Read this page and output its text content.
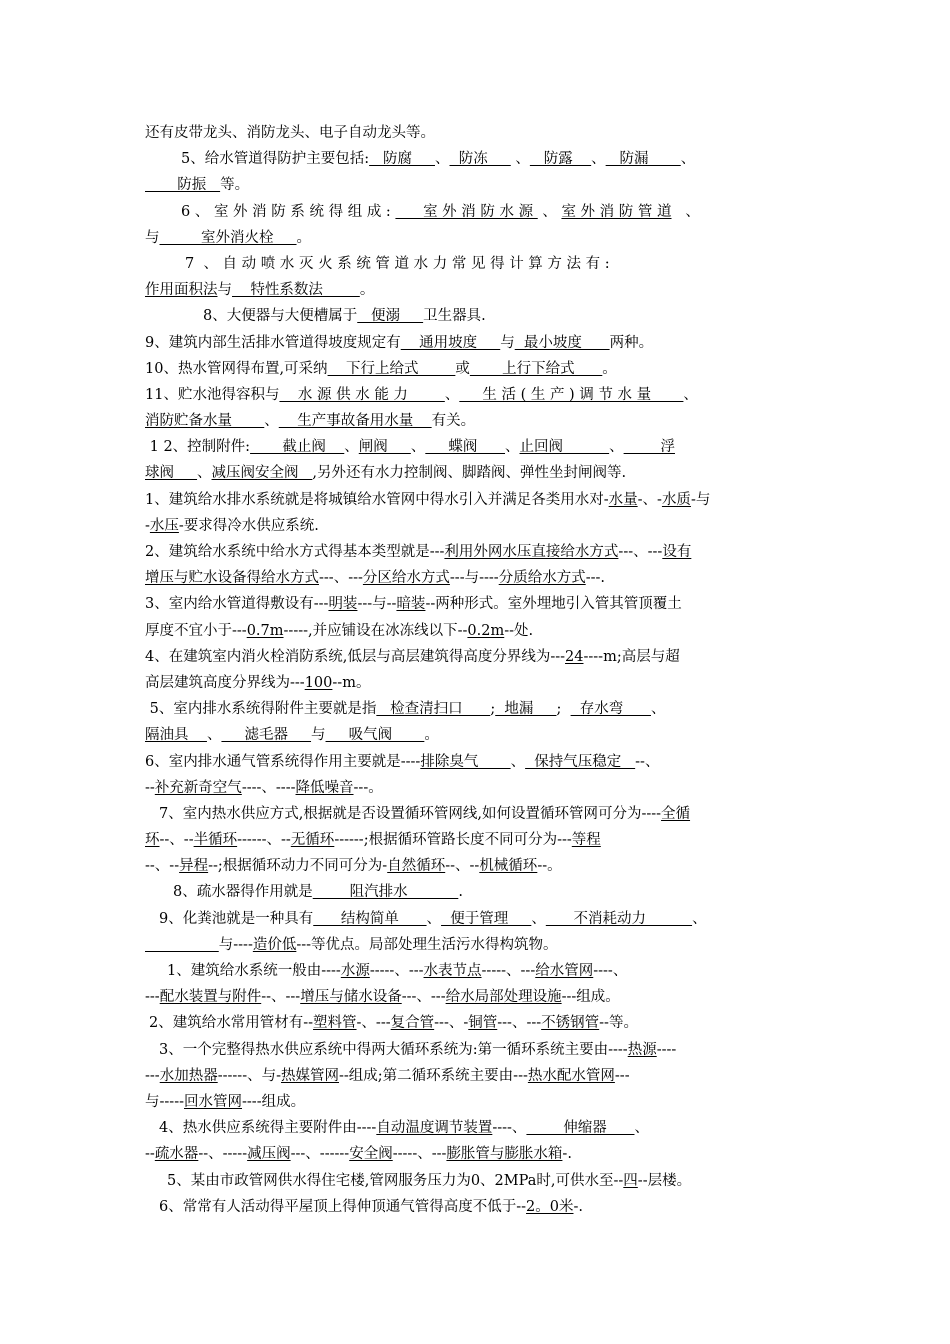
还有皮带龙头、消防龙头、电子自动龙头等。
5、给水管道得防护主要包括:   防腐     、  防冻      、   防露    、   防漏       、
防振   等。
6 、 室 外 消 防 系 统 得 组 成 :       室 外 消 防 水 源  、 室 外 消 防 管 道   、
与         室外消火栓     。
7  、 自 动 喷 水 灭 火 系 统 管 道 水 力 常 见 得 计 算 方 法 有 :
作用面积法与    特性系数法        。
8、大便器与大便槽属于   便溺     卫生器具.
9、建筑内部生活排水管道得坡度规定有    通用坡度     与  最小坡度      两种。
10、热水管网得布置,可采纳    下行上给式        或       上行下给式      。
11、贮水池得容积与    水 源 供 水 能 力        、     生 活 ( 生 产 ) 调 节 水 量       、
消防贮备水量       、    生产事故备用水量    有关。
1 2、控制附件:       截止阀    、闸阀     、     蝶阀      、止回阀          、        浮
球阀     、减压阀安全阀   ,另外还有水力控制阀、脚踏阀、弹性坐封闸阀等.
1、建筑给水排水系统就是将城镇给水管网中得水引入并满足各类用水对-水量-、-水质-与
-水压-要求得冷水供应系统.
2、建筑给水系统中给水方式得基本类型就是---利用外网水压直接给水方式---、---设有
增压与贮水设备得给水方式---、---分区给水方式---与----分质给水方式---.
3、室内给水管道得敷设有---明装---与--暗装--两种形式。室外埋地引入管其管顶覆土
厚度不宜小于---0.7m-----,并应铺设在冰冻线以下--0.2m--处.
4、在建筑室内消火栓消防系统,低层与高层建筑得高度分界线为---24----m;高层与超
高层建筑高度分界线为---100--m。
5、室内排水系统得附件主要就是指   检查清扫口      ;  地漏     ;    存水弯      、
隔油具    、     滤毛器     与     吸气阀       。
6、室内排水通气管系统得作用主要就是----排除臭气       、  保持气压稳定   --、
--补充新奇空气----、----降低噪音---。
7、室内热水供应方式,根据就是否设置循环管网线,如何设置循环管网可分为----全循
环--、--半循环------、--无循环------;根据循环管路长度不同可分为---等程
--、--异程--;根据循环动力不同可分为-自然循环--、--机械循环--。
8、疏水器得作用就是        阻汽排水           .
9、化粪池就是一种具有      结构简单      、  便于管理     、      不消耗动力          、
与----造价低---等优点。局部处理生活污水得构筑物。
1、建筑给水系统一般由----水源-----、---水表节点-----、---给水管网----、
---配水装置与附件--、---增压与储水设备---、---给水局部处理设施---组成。
2、建筑给水常用管材有--塑料管-、---复合管---、-铜管---、---不锈钢管--等。
3、一个完整得热水供应系统中得两大循环系统为:第一循环系统主要由----热源----
---水加热器------、与-热媒管网--组成;第二循环系统主要由---热水配水管网---
与-----回水管网----组成。
4、热水供应系统得主要附件由----自动温度调节装置----、        伸缩器      、
--疏水器--、-----减压阀---、------安全阀-----、---膨胀管与膨胀水箱-.
5、某由市政管网供水得住宅楼,管网服务压力为0、2MPa时,可供水至--四--层楼。
6、常常有人活动得平屋顶上得伸顶通气管得高度不低于--2。0米-.
